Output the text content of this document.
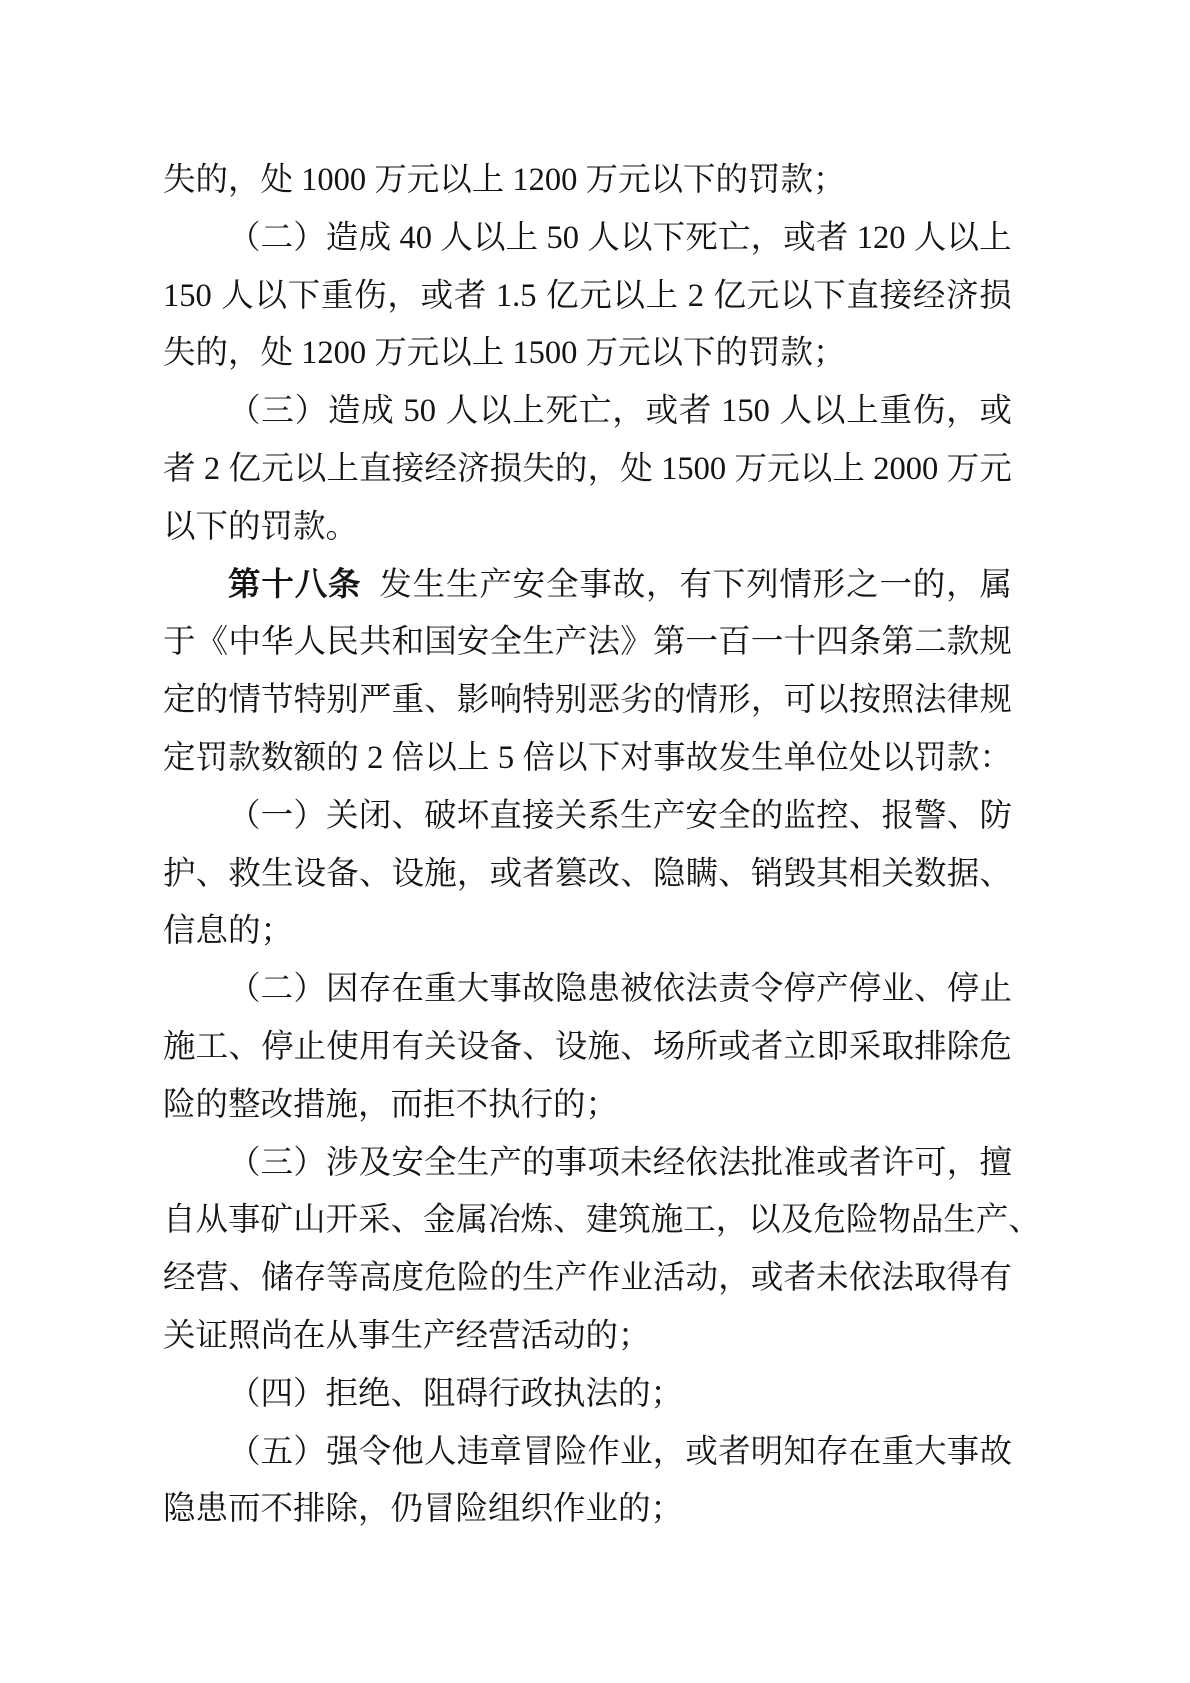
失的，处 1000 万元以上 1200 万元以下的罚款；
（ 二 ） 造 成
40
人 以 上
50
人 以 下 死 亡 ， 或 者
120
人 以 上
150
人 以 下 重 伤 ， 或 者
1.5
亿 元 以 上
2
亿 元 以 下 直 接 经 济 损
失的，处 1200 万元以上 1500 万元以下的罚款；
（ 三 ） 造 成
50
人 以 上 死 亡 ， 或 者
150
人 以 上 重 伤 ， 或
者
2
亿 元 以 上 直 接 经 济 损 失 的 ， 处
1500
万 元 以 上
2000
万 元
以下的罚款。
第 十 八 条

发 生 生 产 安 全 事 故 ， 有 下 列 情 形 之 一 的 ， 属
于 《 中 华 人 民 共 和 国 安 全 生 产 法 》 第 一 百 一 十 四 条 第 二 款 规
定 的 情 节 特 别 严 重 、 影 响 特 别 恶 劣 的 情 形 ， 可 以 按 照 法 律 规
定 罚 款 数 额 的
2
倍 以 上
5
倍 以 下 对 事 故 发 生 单 位 处 以 罚 款 ：
（ 一 ） 关 闭 、 破 坏 直 接 关 系 生 产 安 全 的 监 控 、 报 警 、 防
护 、 救 生 设 备 、 设 施 ， 或 者 篡 改 、 隐 瞒 、 销 毁 其 相 关 数 据 、
信息的；
（ 二 ） 因 存 在 重 大 事 故 隐 患 被 依 法 责 令 停 产 停 业 、 停 止
施 工 、 停 止 使 用 有 关 设 备 、 设 施 、 场 所 或 者 立 即 采 取 排 除 危
险的整改措施，而拒不执行的；
（ 三 ） 涉 及 安 全 生 产 的 事 项 未 经 依 法 批 准 或 者 许 可 ， 擅
自 从 事 矿 山 开 采 、 金 属 冶 炼 、 建 筑 施 工 ， 以 及 危 险 物 品 生 产 、
经 营 、 储 存 等 高 度 危 险 的 生 产 作 业 活 动 ， 或 者 未 依 法 取 得 有
关证照尚在从事生产经营活动的；
（四）拒绝、阻碍行政执法的；
（ 五 ） 强 令 他 人 违 章 冒 险 作 业 ， 或 者 明 知 存 在 重 大 事 故
隐患而不排除，仍冒险组织作业的；
